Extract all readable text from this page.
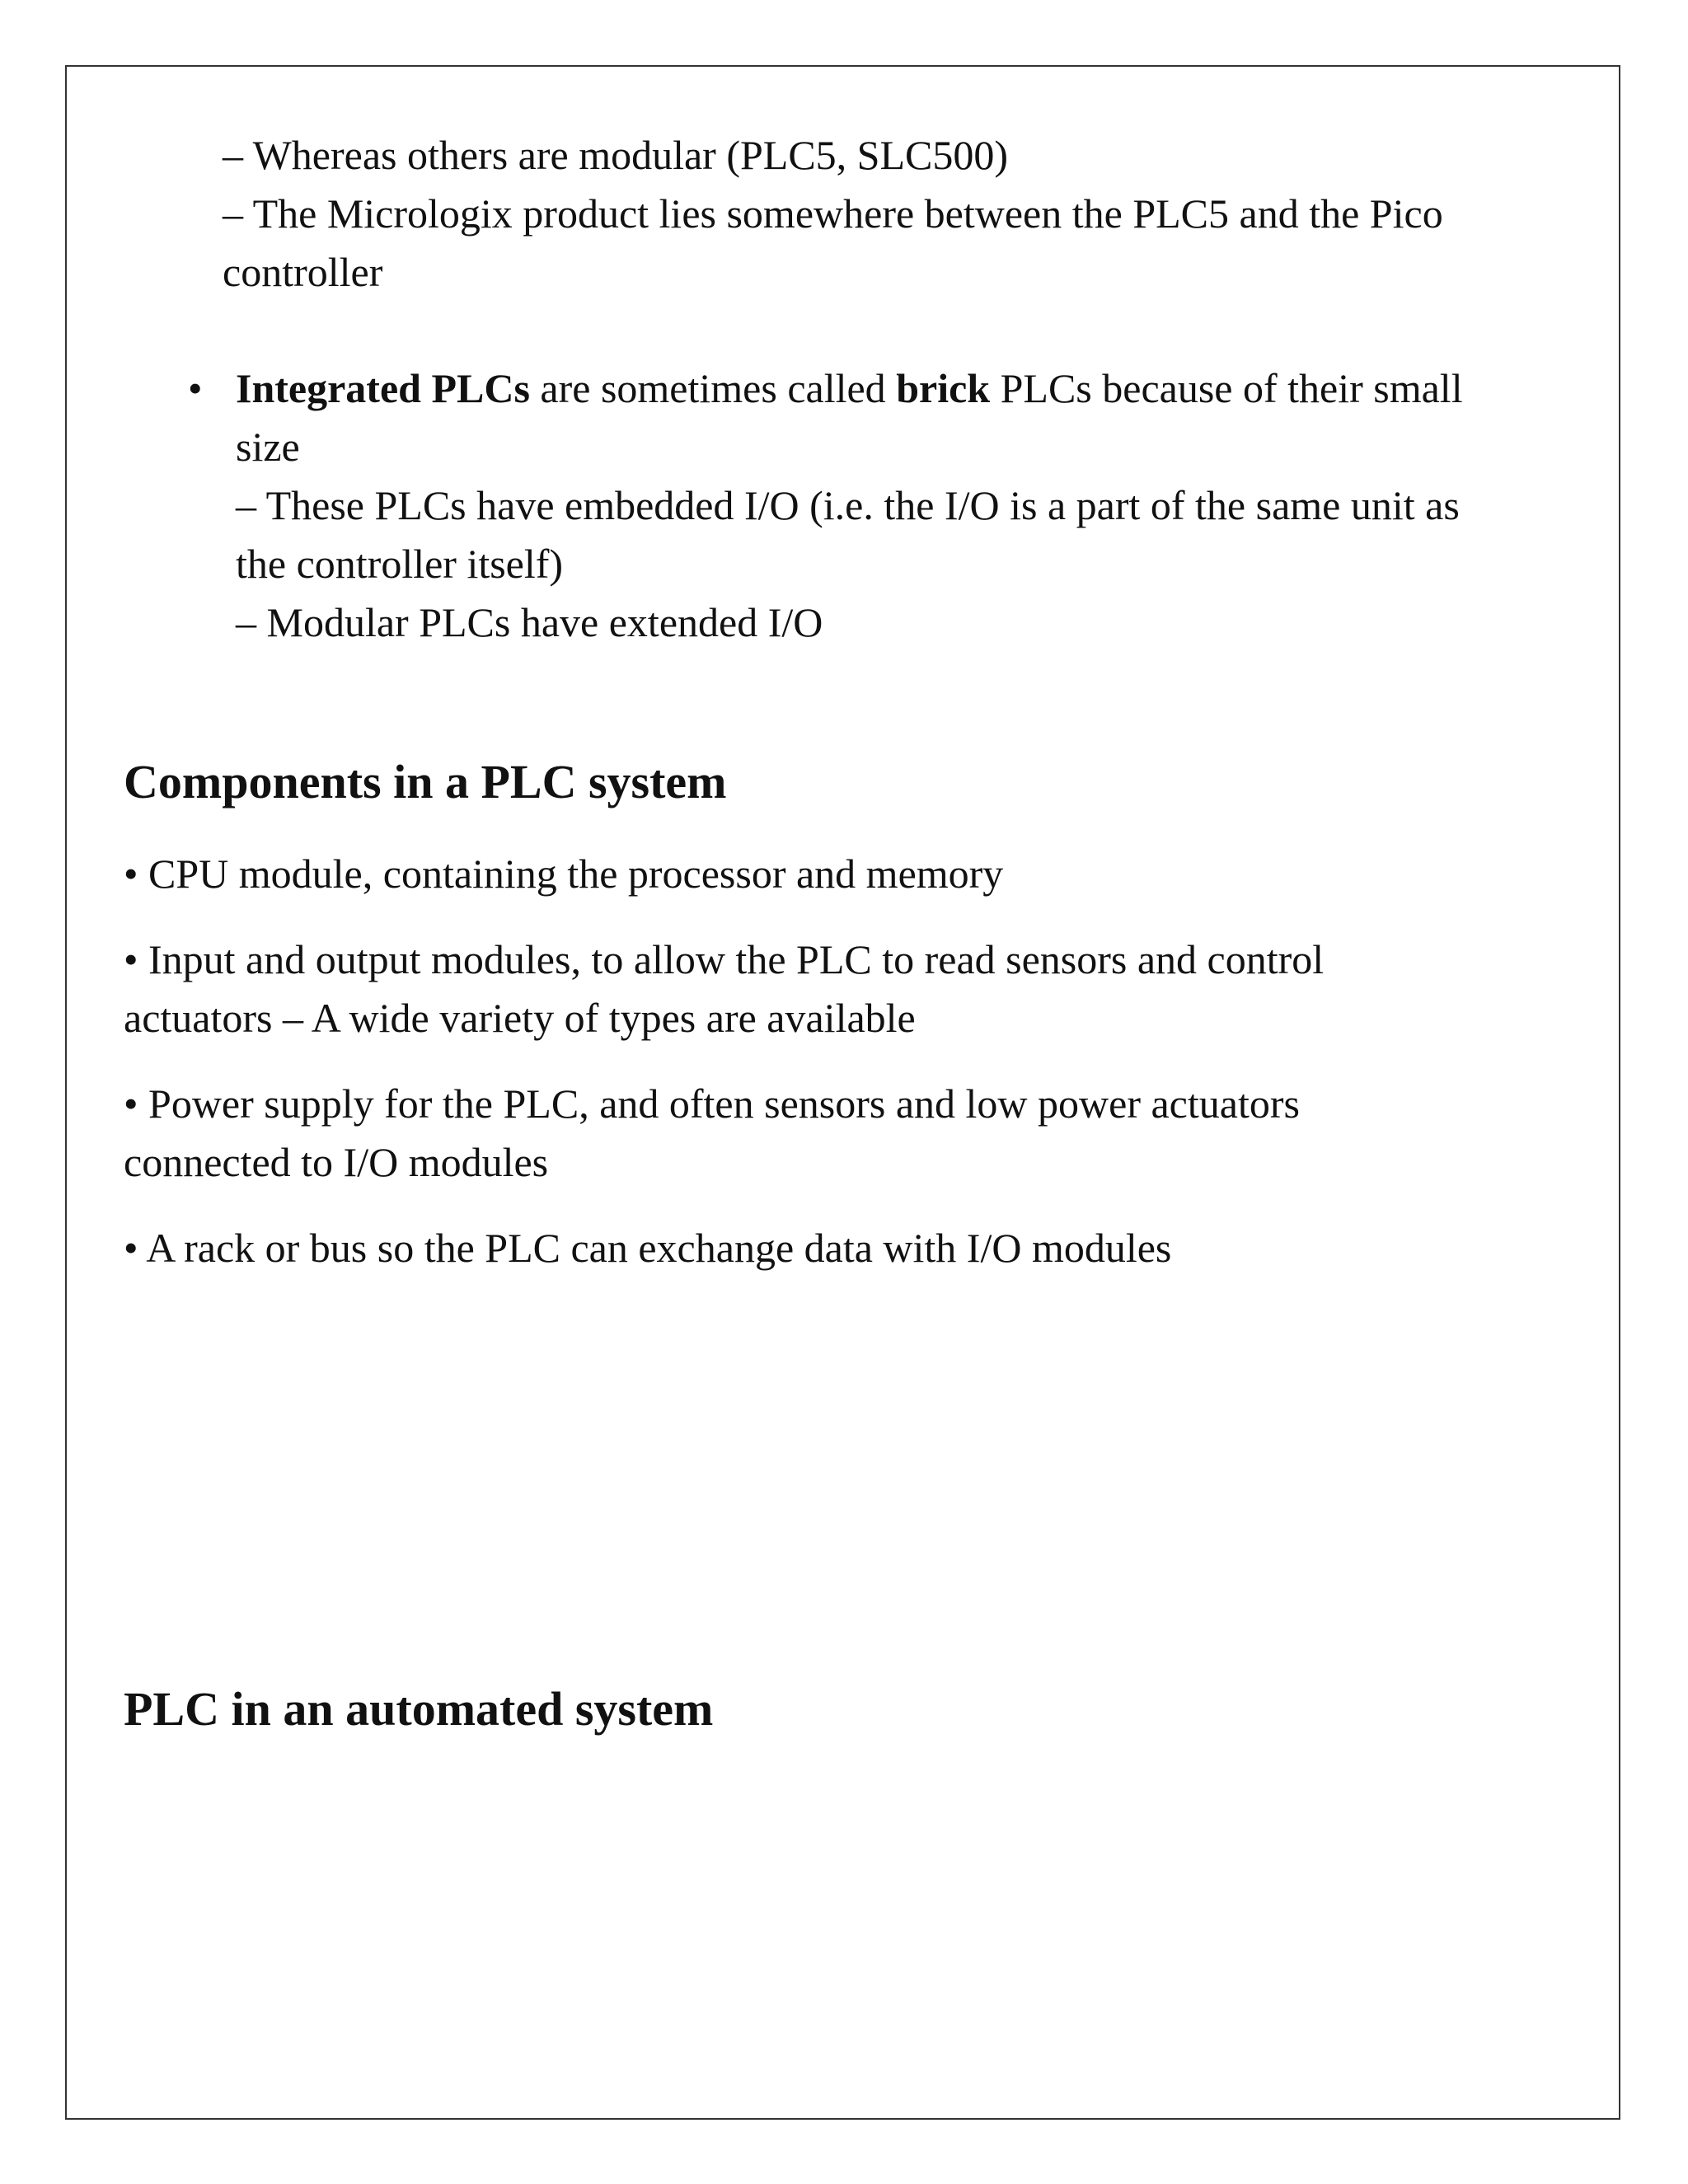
– Whereas others are modular (PLC5, SLC500)

– The Micrologix product lies somewhere between the PLC5 and the Pico

controller

• Integrated PLCs are sometimes called brick PLCs because of their small

size

– These PLCs have embedded I/O (i.e. the I/O is a part of the same unit as

the controller itself)

– Modular PLCs have extended I/O

Components in a PLC system

• CPU module, containing the processor and memory

• Input and output modules, to allow the PLC to read sensors and control

actuators – A wide variety of types are available

• Power supply for the PLC, and often sensors and low power actuators

connected to I/O modules

• A rack or bus so the PLC can exchange data with I/O modules

PLC in an automated system
